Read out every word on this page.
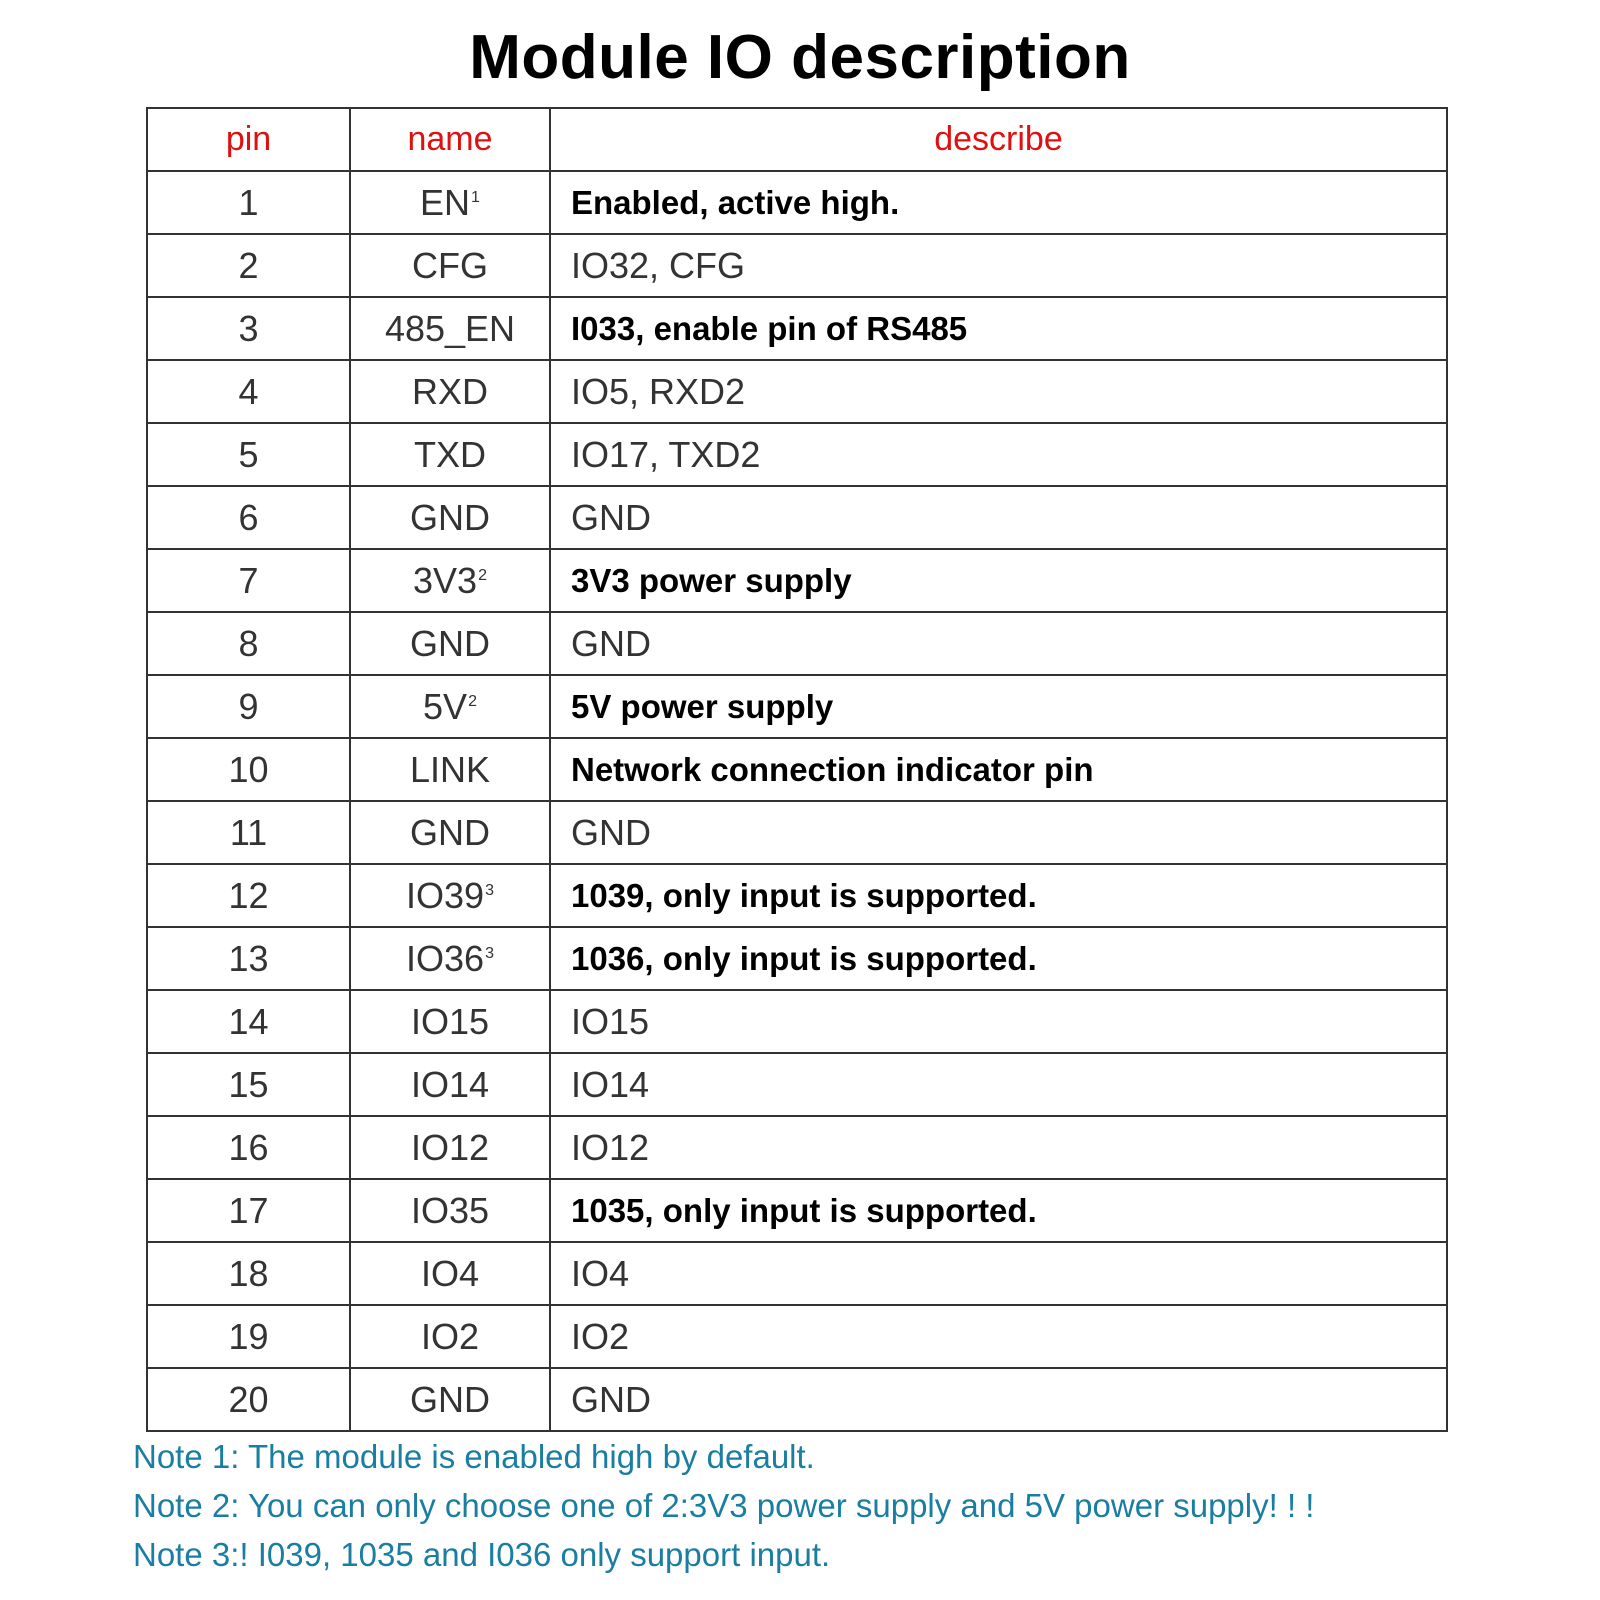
Module IO description
pin	name	describe
1	$EN^1$	Enabled, active high.
2	CFG	IO32, CFG
3	485_EN	I033, enable pin of RS485
4	RXD	IO5, RXD2
5	TXD	IO17, TXD2
6	GND	GND
7	$3V3^2$	3V3 power supply
8	GND	GND
9	$5V^2$	5V power supply
10	LINK	Network connection indicator pin
11	GND	GND
12	$IO39^3$	1039, only input is supported.
13	$IO36^3$	1036, only input is supported.
14	IO15	IO15
15	IO14	IO14
16	IO12	IO12
17	IO35	1035, only input is supported.
18	IO4	IO4
19	IO2	IO2
20	GND	GND
Note 1: The module is enabled high by default.
Note 2: You can only choose one of 2:3V3 power supply and 5V power supply! ! !
Note 3:! I039, 1035 and I036 only support input.
